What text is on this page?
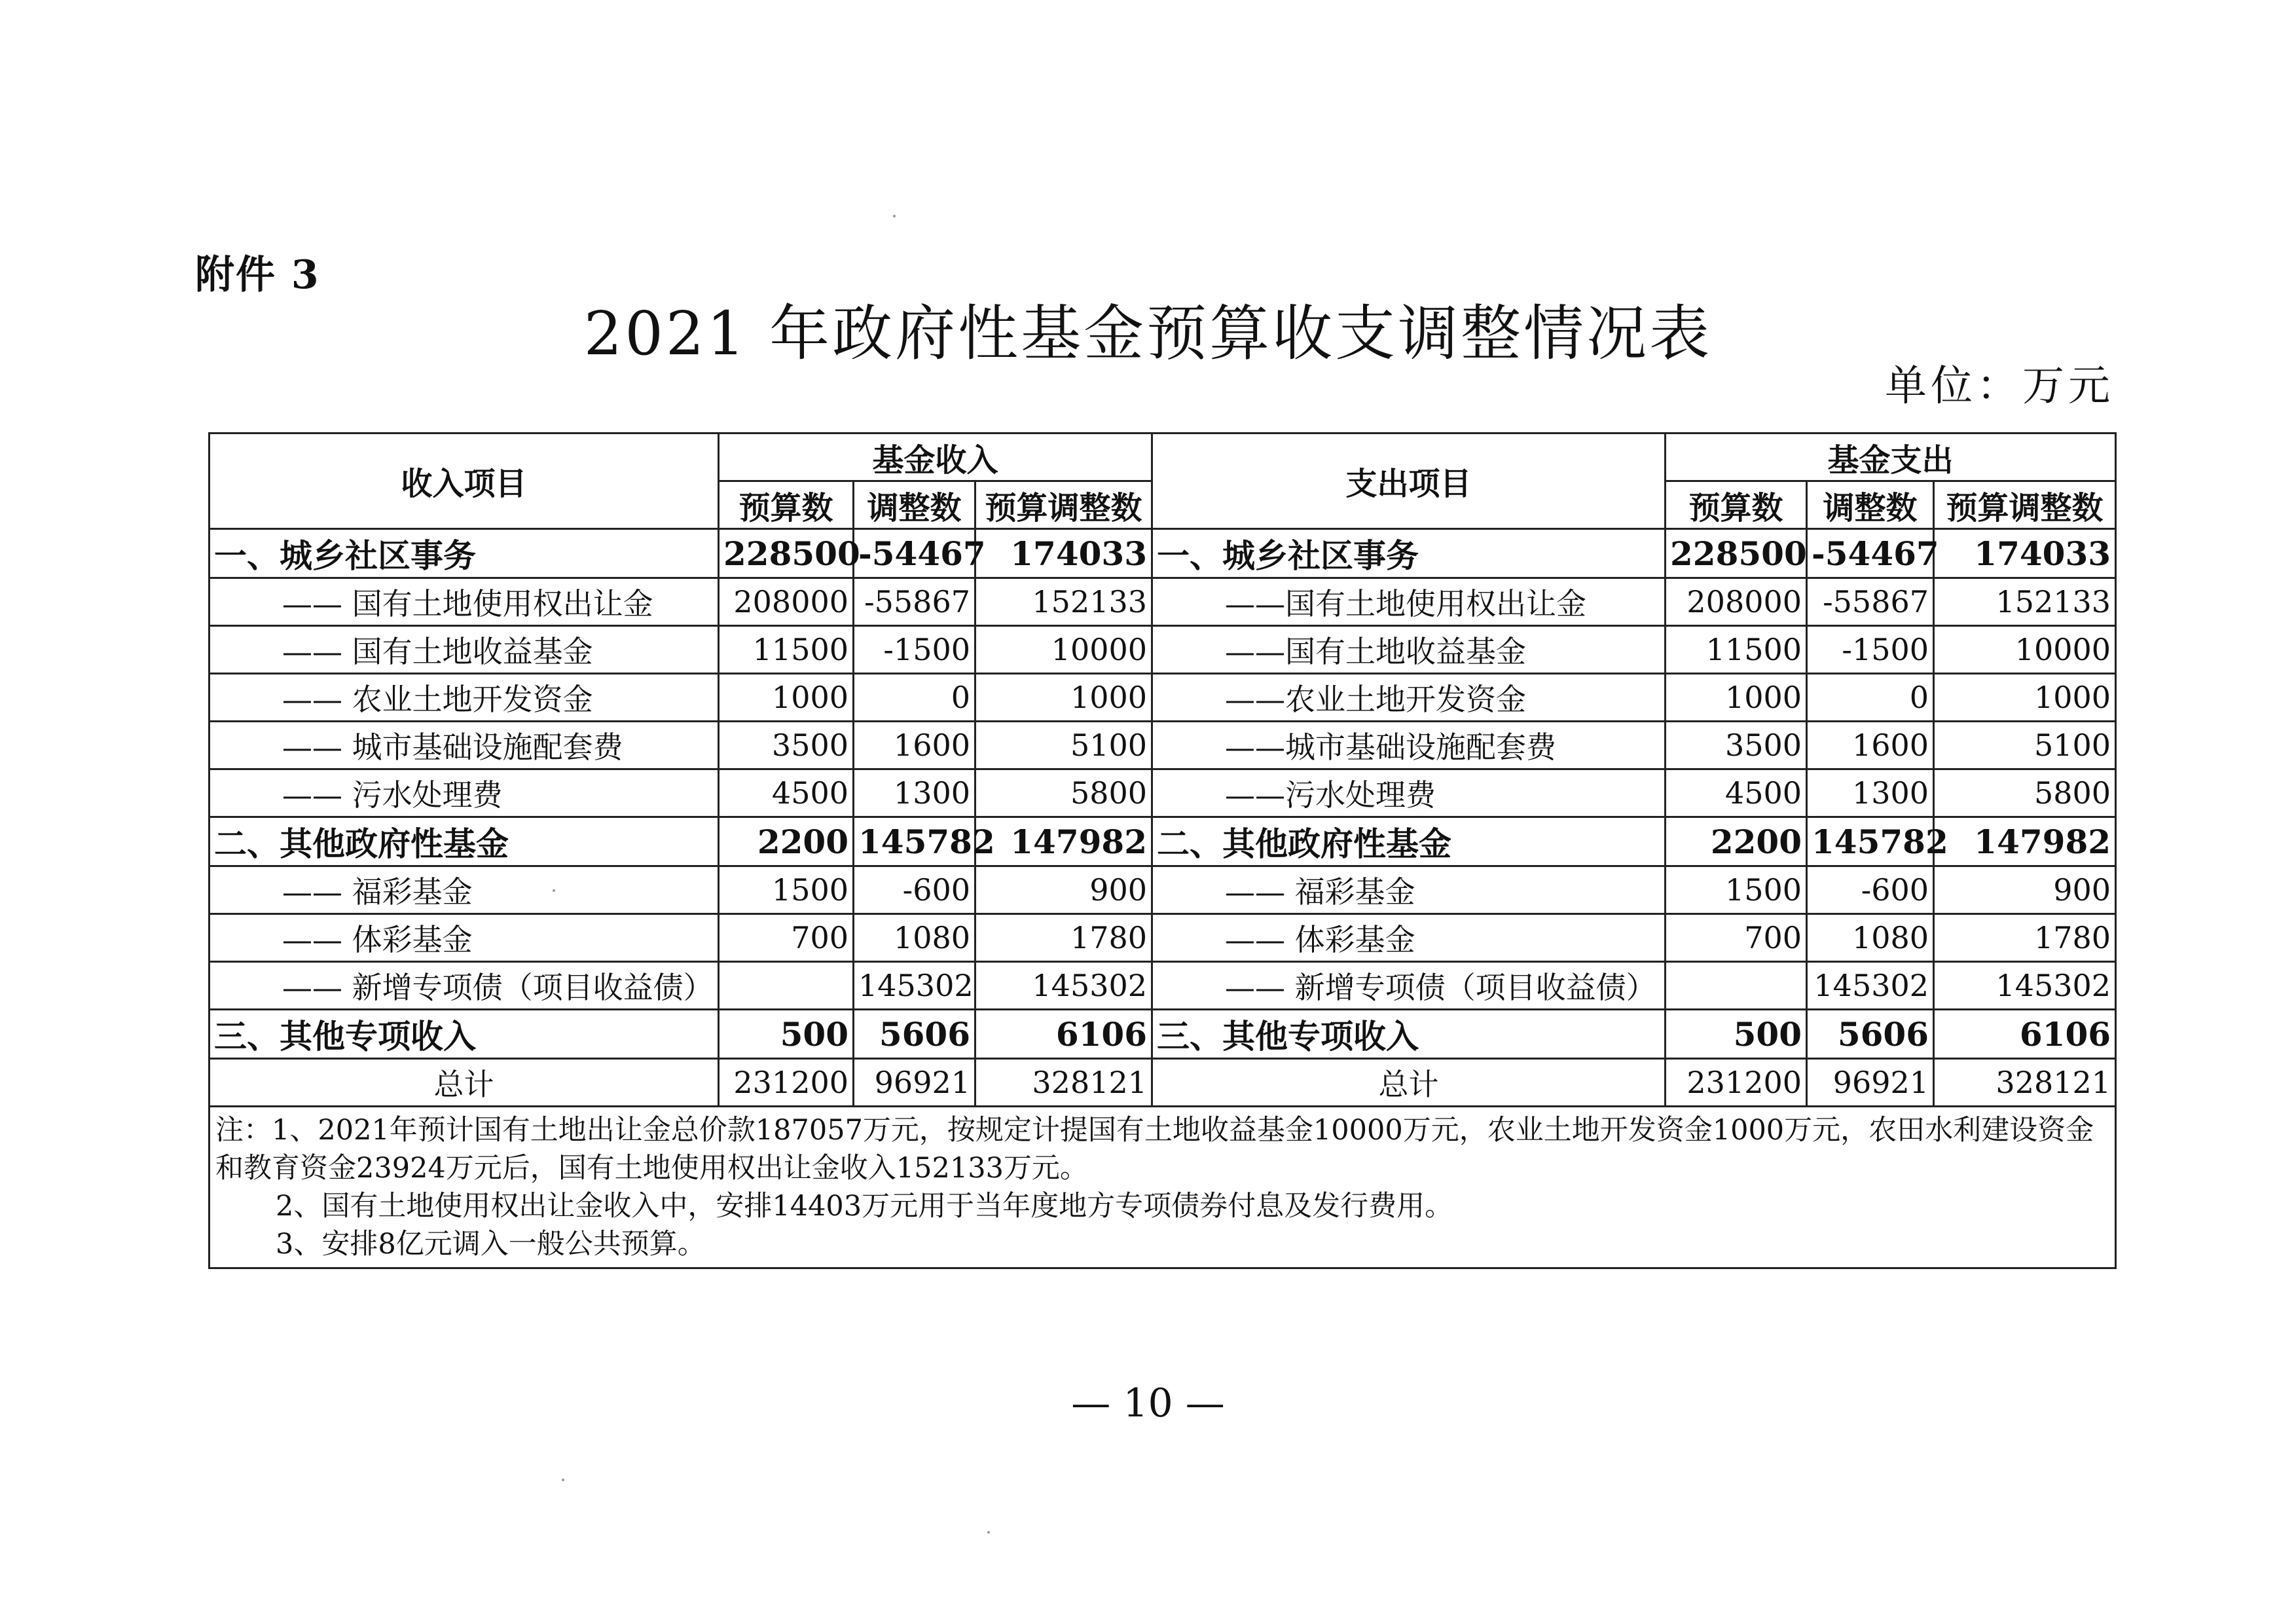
附件 3
2021 年政府性基金预算收支调整情况表
单位：万元
收入项目	基金收入			支出项目	基金支出		
	预算数	调整数	预算调整数		预算数	调整数	预算调整数
一、城乡社区事务	228500	-54467	174033	一、城乡社区事务	228500	-54467	174033
—— 国有土地使用权出让金	208000	-55867	152133	——国有土地使用权出让金	208000	-55867	152133
—— 国有土地收益基金	11500	-1500	10000	——国有土地收益基金	11500	-1500	10000
—— 农业土地开发资金	1000	0	1000	——农业土地开发资金	1000	0	1000
—— 城市基础设施配套费	3500	1600	5100	——城市基础设施配套费	3500	1600	5100
—— 污水处理费	4500	1300	5800	——污水处理费	4500	1300	5800
二、其他政府性基金	2200	145782	147982	二、其他政府性基金	2200	145782	147982
—— 福彩基金	1500	-600	900	—— 福彩基金	1500	-600	900
—— 体彩基金	700	1080	1780	—— 体彩基金	700	1080	1780
—— 新增专项债（项目收益债）		145302	145302	—— 新增专项债（项目收益债）		145302	145302
三、其他专项收入	500	5606	6106	三、其他专项收入	500	5606	6106
总计	231200	96921	328121	总计	231200	96921	328121

注：1、2021年预计国有土地出让金总价款187057万元，按规定计提国有土地收益基金10000万元，农业土地开发资金1000万元，农田水利建设资金和教育资金23924万元后，国有土地使用权出让金收入152133万元。
2、国有土地使用权出让金收入中，安排14403万元用于当年度地方专项债券付息及发行费用。
3、安排8亿元调入一般公共预算。							
— 10 —
